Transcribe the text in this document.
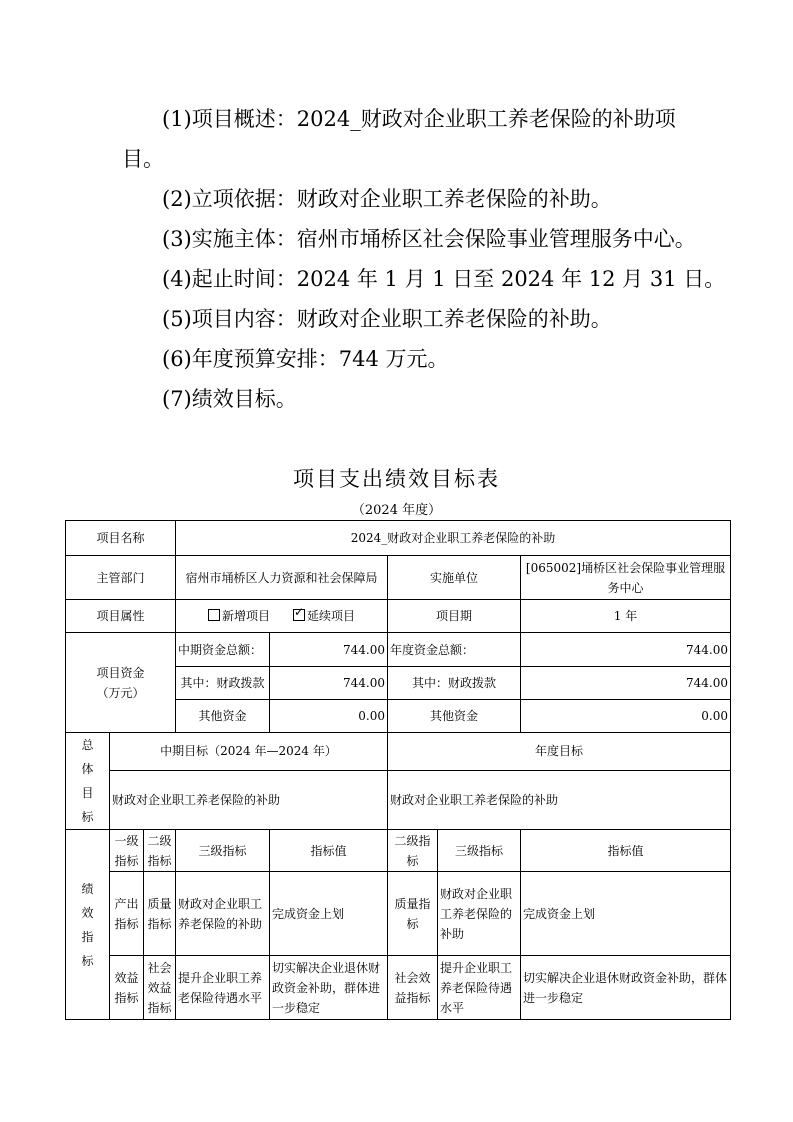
(1)项目概述：2024_财政对企业职工养老保险的补助项
目。
(2)立项依据：财政对企业职工养老保险的补助。
(3)实施主体：宿州市埇桥区社会保险事业管理服务中心。
(4)起止时间：2024 年 1 月 1 日至 2024 年 12 月 31 日。
(5)项目内容：财政对企业职工养老保险的补助。
(6)年度预算安排：744 万元。
(7)绩效目标。
项目支出绩效目标表
（2024 年度）
项目名称			2024_财政对企业职工养老保险的补助				
主管部门			宿州市埇桥区人力资源和社会保障局		实施单位		[065002]埇桥区社会保险事业管理服务中心
项目属性			新增项目 ✓ 延续项目		项目期		1 年

项目资金
（万元）			中期资金总额：	744.00	年度资金总额：		744.00
			其中：财政拨款	744.00	其中：财政拨款		744.00
			其他资金	0.00	其他资金		0.00

总
体
目
标	中期目标（2024 年—2024 年）				年度目标		
	财政对企业职工养老保险的补助				财政对企业职工养老保险的补助		

绩
效
指
标	一级指标	二级指标	三级指标	指标值	二级指标	三级指标	指标值
	产出指标	质量指标	财政对企业职工养老保险的补助	完成资金上划	质量指标	财政对企业职工养老保险的补助	完成资金上划
	效益指标	社会效益指标	提升企业职工养老保险待遇水平	切实解决企业退休财政资金补助，群体进一步稳定	社会效益指标	提升企业职工养老保险待遇水平	切实解决企业退休财政资金补助，群体进一步稳定
